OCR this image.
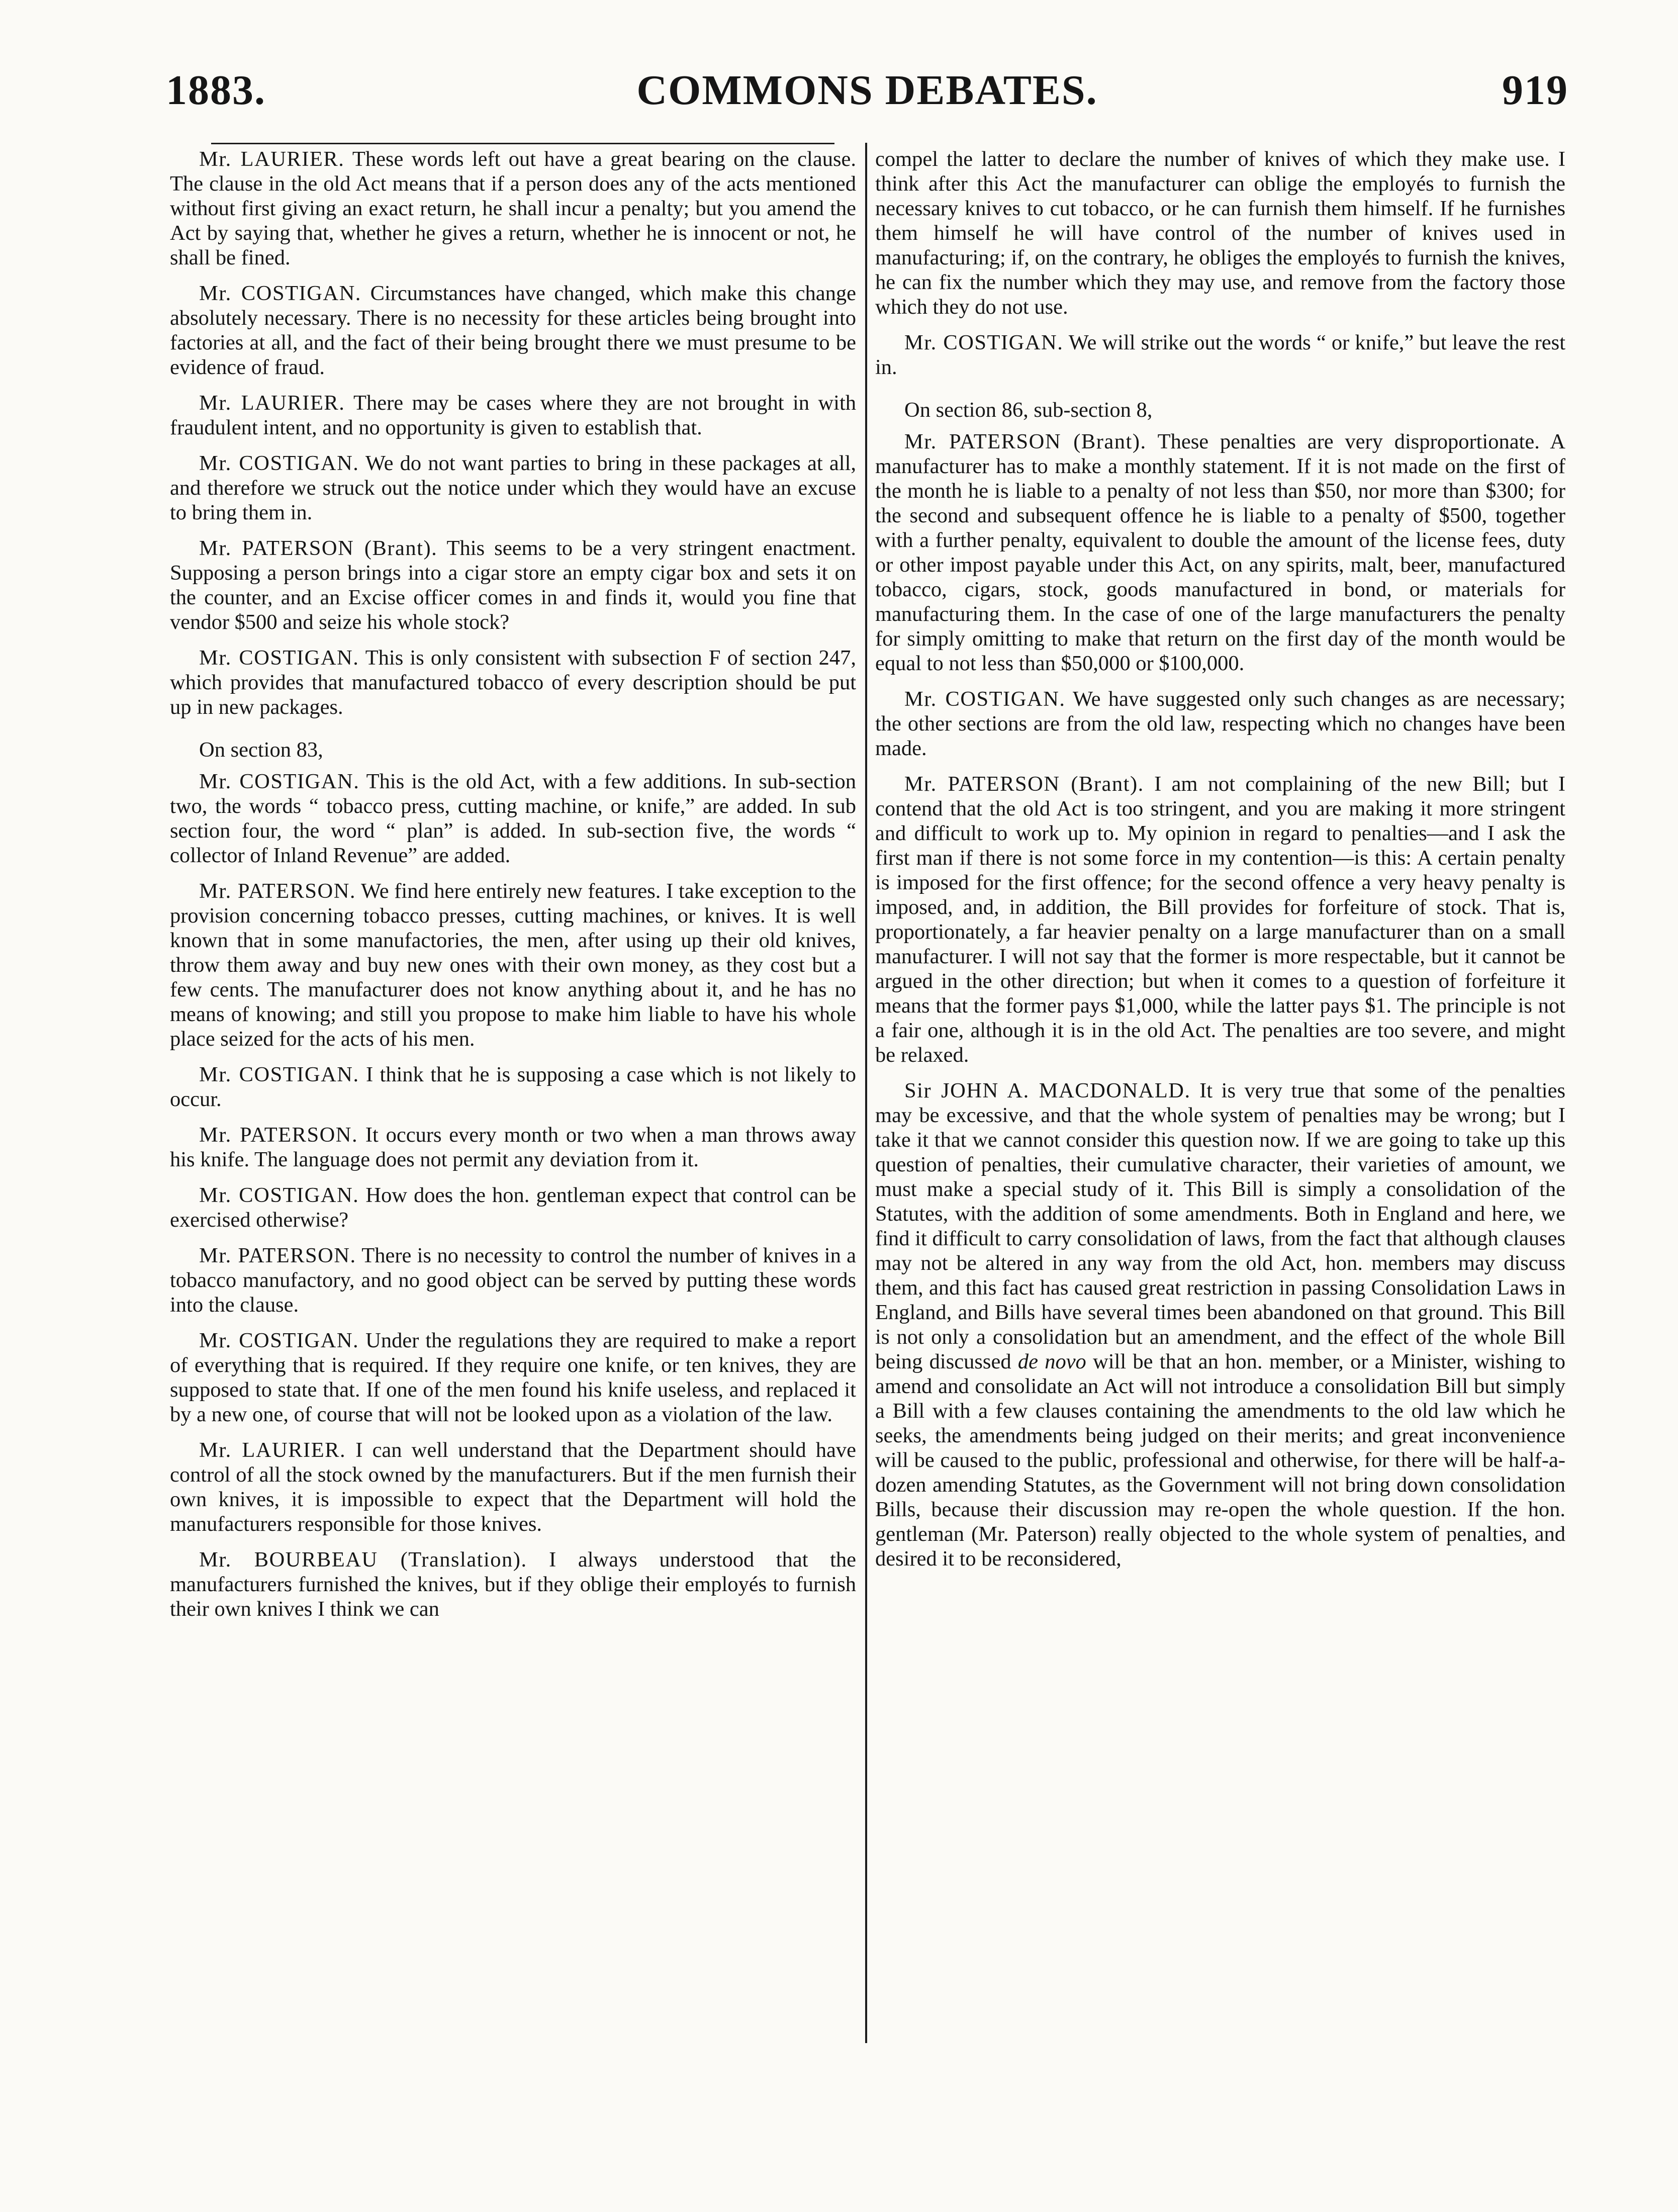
1883.	COMMONS DEBATES.	919

Mr. LAURIER. These words left out have a great bearing on the clause. The clause in the old Act means that if a person does any of the acts mentioned without first giving an exact return, he shall incur a penalty; but you amend the Act by saying that, whether he gives a return, whether he is innocent or not, he shall be fined.

Mr. COSTIGAN. Circumstances have changed, which make this change absolutely necessary. There is no necessity for these articles being brought into factories at all, and the fact of their being brought there we must presume to be evidence of fraud.

Mr. LAURIER. There may be cases where they are not brought in with fraudulent intent, and no opportunity is given to establish that.

Mr. COSTIGAN. We do not want parties to bring in these packages at all, and therefore we struck out the notice under which they would have an excuse to bring them in.

Mr. PATERSON (Brant). This seems to be a very stringent enactment. Supposing a person brings into a cigar store an empty cigar box and sets it on the counter, and an Excise officer comes in and finds it, would you fine that vendor $500 and seize his whole stock?

Mr. COSTIGAN. This is only consistent with subsection F of section 247, which provides that manufactured tobacco of every description should be put up in new packages.

On section 83,

Mr. COSTIGAN. This is the old Act, with a few additions. In sub-section two, the words “ tobacco press, cutting machine, or knife,” are added. In sub section four, the word “ plan” is added. In sub-section five, the words “ collector of Inland Revenue” are added.

Mr. PATERSON. We find here entirely new features. I take exception to the provision concerning tobacco presses, cutting machines, or knives. It is well known that in some manufactories, the men, after using up their old knives, throw them away and buy new ones with their own money, as they cost but a few cents. The manufacturer does not know anything about it, and he has no means of knowing; and still you propose to make him liable to have his whole place seized for the acts of his men.

Mr. COSTIGAN. I think that he is supposing a case which is not likely to occur.

Mr. PATERSON. It occurs every month or two when a man throws away his knife. The language does not permit any deviation from it.

Mr. COSTIGAN. How does the hon. gentleman expect that control can be exercised otherwise?

Mr. PATERSON. There is no necessity to control the number of knives in a tobacco manufactory, and no good object can be served by putting these words into the clause.

Mr. COSTIGAN. Under the regulations they are required to make a report of everything that is required. If they require one knife, or ten knives, they are supposed to state that. If one of the men found his knife useless, and replaced it by a new one, of course that will not be looked upon as a violation of the law.

Mr. LAURIER. I can well understand that the Department should have control of all the stock owned by the manufacturers. But if the men furnish their own knives, it is impossible to expect that the Department will hold the manufacturers responsible for those knives.

Mr. BOURBEAU (Translation). I always understood that the manufacturers furnished the knives, but if they oblige their employés to furnish their own knives I think we can

compel the latter to declare the number of knives of which they make use. I think after this Act the manufacturer can oblige the employés to furnish the necessary knives to cut tobacco, or he can furnish them himself. If he furnishes them himself he will have control of the number of knives used in manufacturing; if, on the contrary, he obliges the employés to furnish the knives, he can fix the number which they may use, and remove from the factory those which they do not use.

Mr. COSTIGAN. We will strike out the words “ or knife,” but leave the rest in.

On section 86, sub-section 8,

Mr. PATERSON (Brant). These penalties are very disproportionate. A manufacturer has to make a monthly statement. If it is not made on the first of the month he is liable to a penalty of not less than $50, nor more than $300; for the second and subsequent offence he is liable to a penalty of $500, together with a further penalty, equivalent to double the amount of the license fees, duty or other impost payable under this Act, on any spirits, malt, beer, manufactured tobacco, cigars, stock, goods manufactured in bond, or materials for manufacturing them. In the case of one of the large manufacturers the penalty for simply omitting to make that return on the first day of the month would be equal to not less than $50,000 or $100,000.

Mr. COSTIGAN. We have suggested only such changes as are necessary; the other sections are from the old law, respecting which no changes have been made.

Mr. PATERSON (Brant). I am not complaining of the new Bill; but I contend that the old Act is too stringent, and you are making it more stringent and difficult to work up to. My opinion in regard to penalties—and I ask the first man if there is not some force in my contention—is this: A certain penalty is imposed for the first offence; for the second offence a very heavy penalty is imposed, and, in addition, the Bill provides for forfeiture of stock. That is, proportionately, a far heavier penalty on a large manufacturer than on a small manufacturer. I will not say that the former is more respectable, but it cannot be argued in the other direction; but when it comes to a question of forfeiture it means that the former pays $1,000, while the latter pays $1. The principle is not a fair one, although it is in the old Act. The penalties are too severe, and might be relaxed.

Sir JOHN A. MACDONALD. It is very true that some of the penalties may be excessive, and that the whole system of penalties may be wrong; but I take it that we cannot consider this question now. If we are going to take up this question of penalties, their cumulative character, their varieties of amount, we must make a special study of it. This Bill is simply a consolidation of the Statutes, with the addition of some amendments. Both in England and here, we find it difficult to carry consolidation of laws, from the fact that although clauses may not be altered in any way from the old Act, hon. members may discuss them, and this fact has caused great restriction in passing Consolidation Laws in England, and Bills have several times been abandoned on that ground. This Bill is not only a consolidation but an amendment, and the effect of the whole Bill being discussed de novo will be that an hon. member, or a Minister, wishing to amend and consolidate an Act will not introduce a consolidation Bill but simply a Bill with a few clauses containing the amendments to the old law which he seeks, the amendments being judged on their merits; and great inconvenience will be caused to the public, professional and otherwise, for there will be half-a-dozen amending Statutes, as the Government will not bring down consolidation Bills, because their discussion may re-open the whole question. If the hon. gentleman (Mr. Paterson) really objected to the whole system of penalties, and desired it to be reconsidered,
